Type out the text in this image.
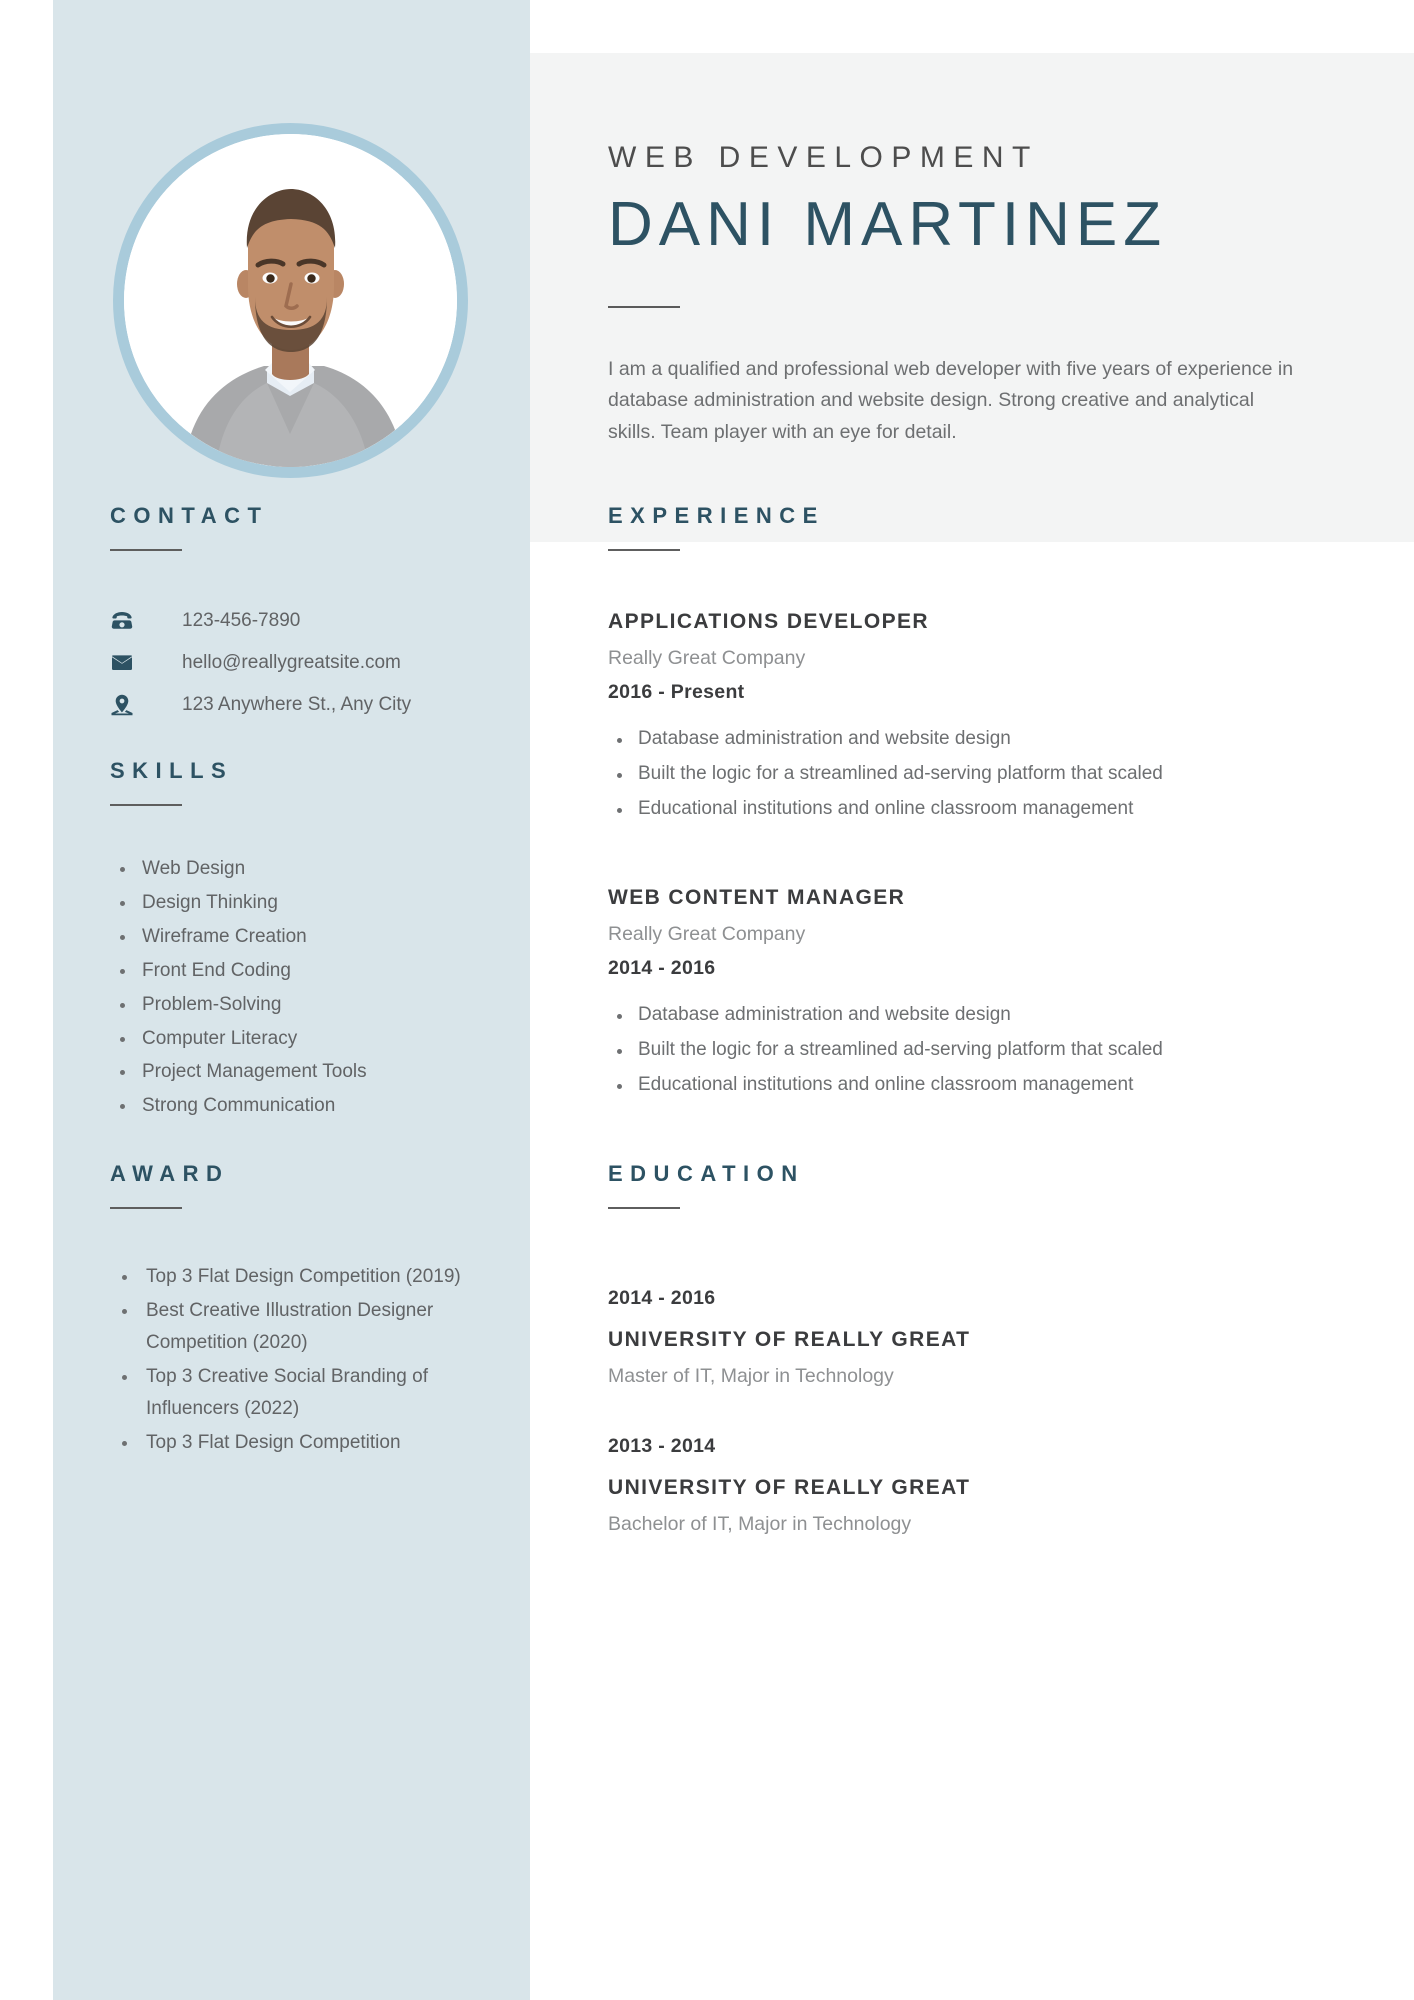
WEB DEVELOPMENT
DANI MARTINEZ
I am a qualified and professional web developer with five years of experience in database administration and website design. Strong creative and analytical skills. Team player with an eye for detail.
CONTACT
123-456-7890
hello@reallygreatsite.com
123 Anywhere St., Any City
SKILLS
Web Design
Design Thinking
Wireframe Creation
Front End Coding
Problem-Solving
Computer Literacy
Project Management Tools
Strong Communication
AWARD
Top 3 Flat Design Competition (2019)
Best Creative Illustration Designer Competition (2020)
Top 3 Creative Social Branding of Influencers (2022)
Top 3 Flat Design Competition
EXPERIENCE
APPLICATIONS DEVELOPER
Really Great Company
2016 - Present
Database administration and website design
Built the logic for a streamlined ad-serving platform that scaled
Educational institutions and online classroom management
WEB CONTENT MANAGER
Really Great Company
2014 - 2016
Database administration and website design
Built the logic for a streamlined ad-serving platform that scaled
Educational institutions and online classroom management
EDUCATION
2014 - 2016
UNIVERSITY OF REALLY GREAT
Master of IT, Major in Technology
2013 - 2014
UNIVERSITY OF REALLY GREAT
Bachelor of IT, Major in Technology
